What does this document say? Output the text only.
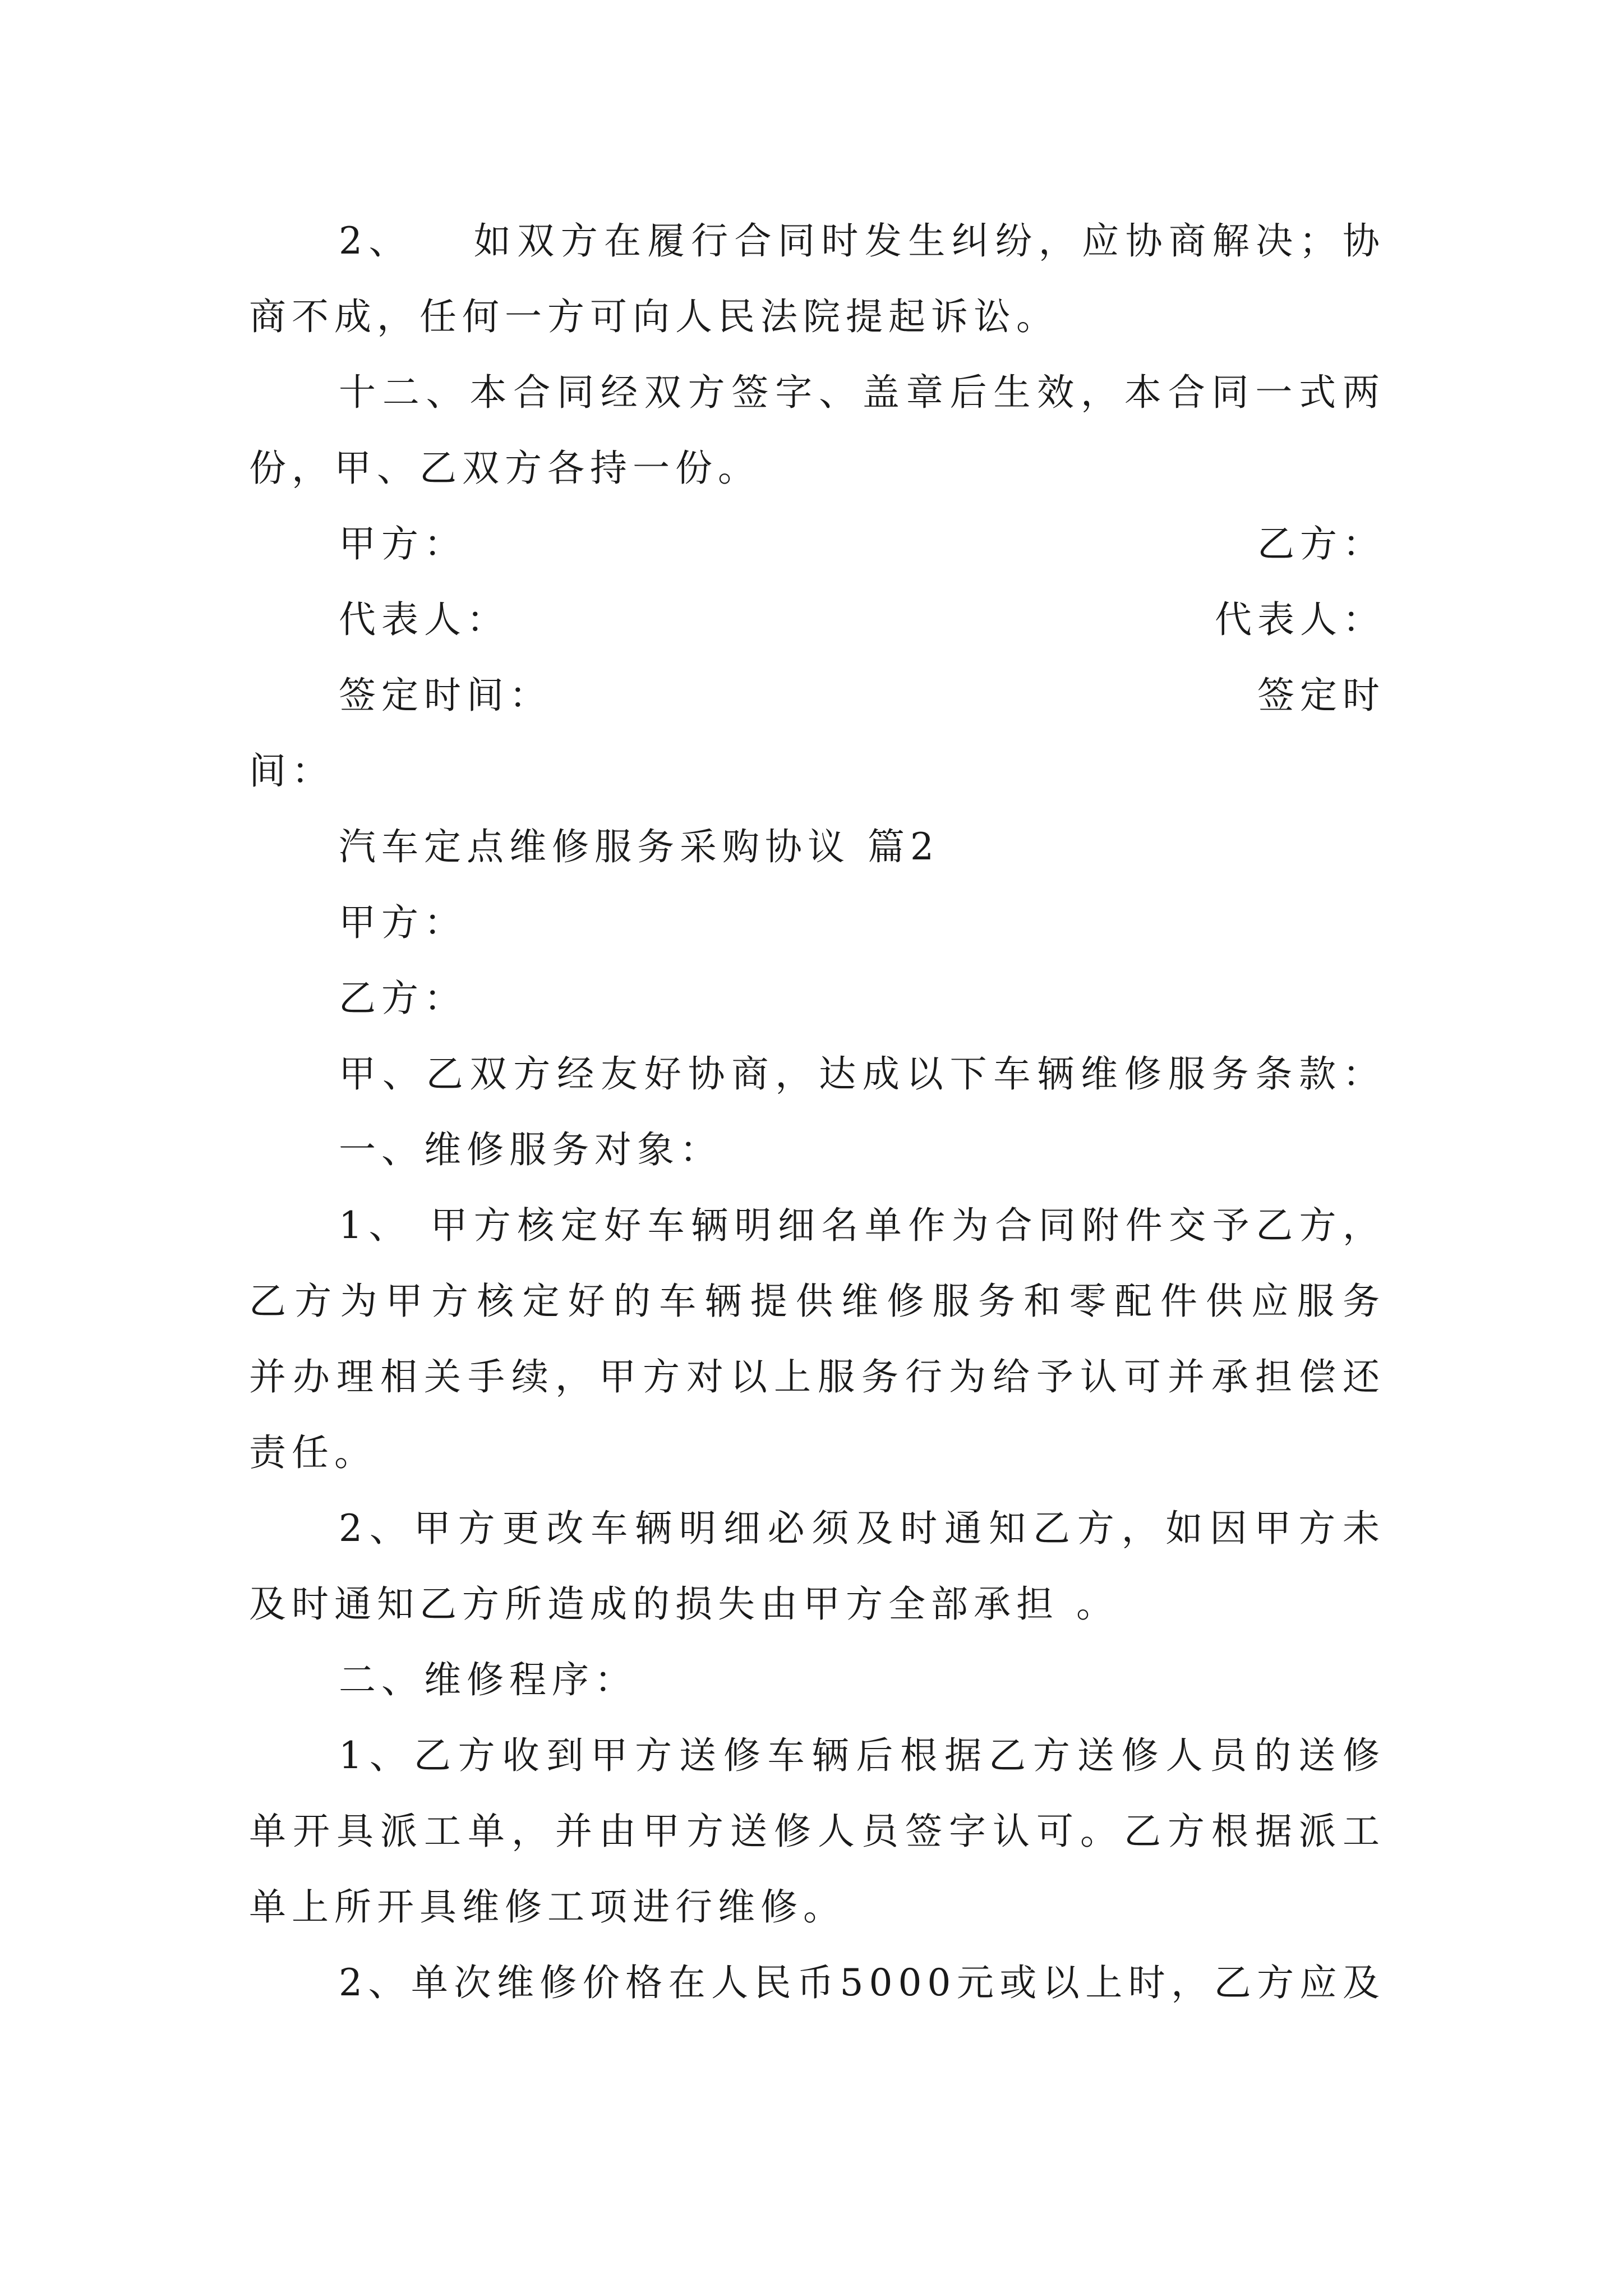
2、 　如双方在履行合同时发生纠纷，应协商解决；协
商不成，任何一方可向人民法院提起诉讼。
十二、本合同经双方签字、盖章后生效，本合同一式两
份，甲、乙双方各持一份。
甲方：	乙方：
代表人：	代表人：
签定时间：	签定时
间：
汽车定点维修服务采购协议 篇2
甲方：
乙方：
甲、乙双方经友好协商，达成以下车辆维修服务条款：
一、维修服务对象：
1、 甲方核定好车辆明细名单作为合同附件交予乙方，
乙方为甲方核定好的车辆提供维修服务和零配件供应服务
并办理相关手续，甲方对以上服务行为给予认可并承担偿还
责任。
2、甲方更改车辆明细必须及时通知乙方，如因甲方未
及时通知乙方所造成的损失由甲方全部承担 。
二、维修程序：
1、乙方收到甲方送修车辆后根据乙方送修人员的送修
单开具派工单，并由甲方送修人员签字认可。乙方根据派工
单上所开具维修工项进行维修。
2、单次维修价格在人民币5000元或以上时，乙方应及
